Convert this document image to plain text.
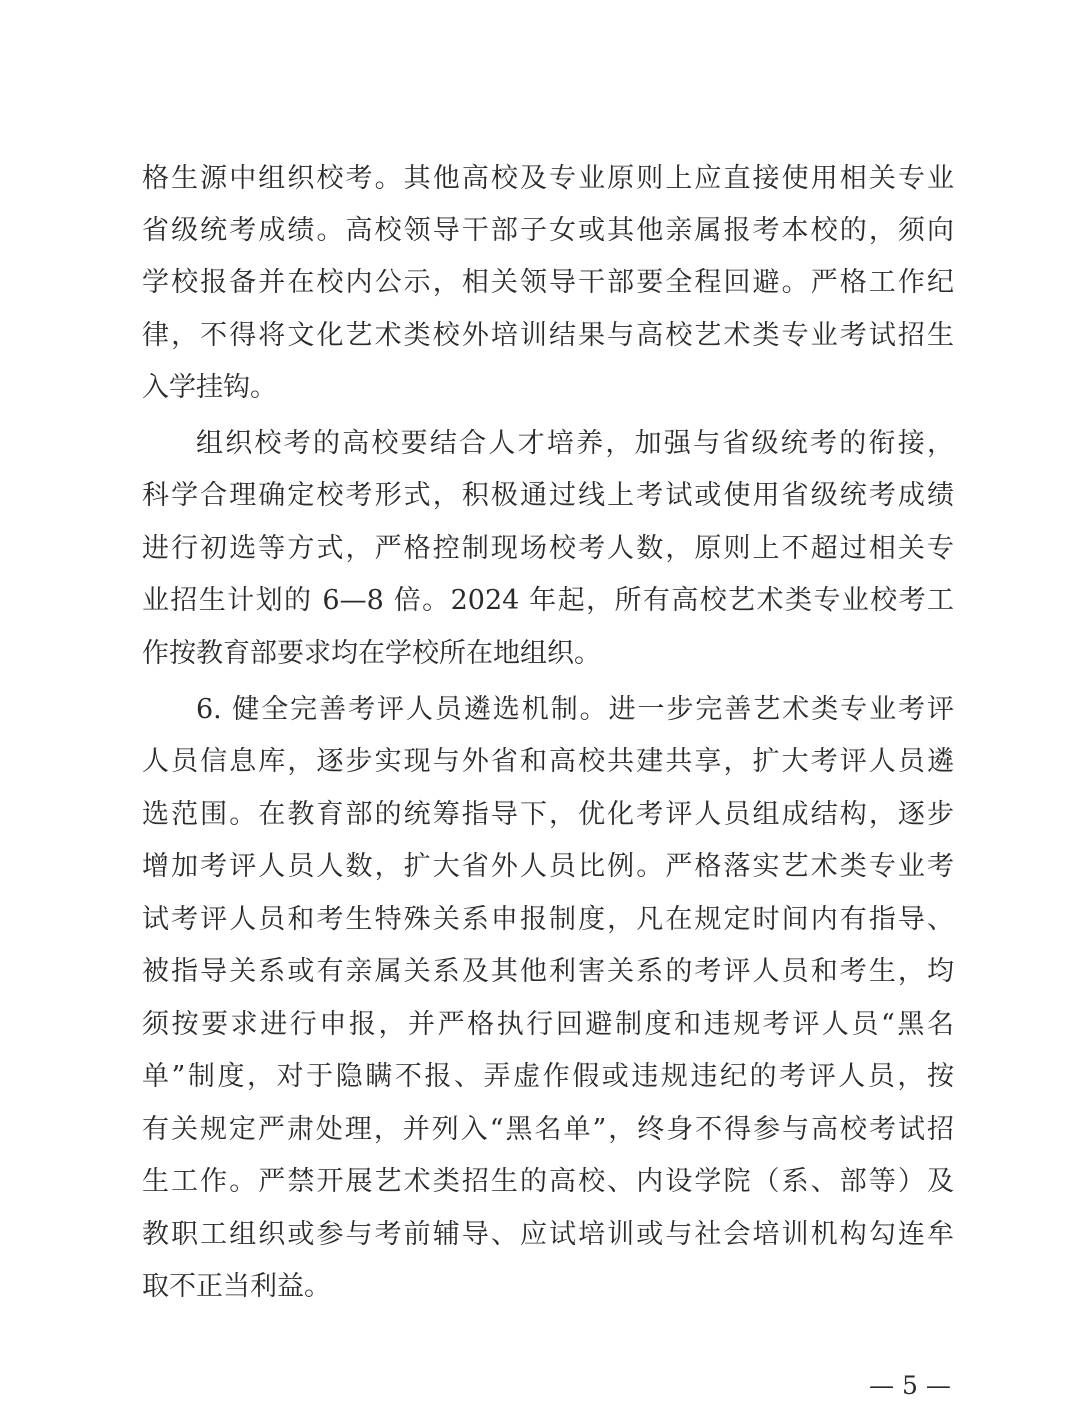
格生源中组织校考。其他高校及专业原则上应直接使用相关专业
省级统考成绩。高校领导干部子女或其他亲属报考本校的，须向
学校报备并在校内公示，相关领导干部要全程回避。严格工作纪
律，不得将文化艺术类校外培训结果与高校艺术类专业考试招生
入学挂钩。
组织校考的高校要结合人才培养，加强与省级统考的衔接，
科学合理确定校考形式，积极通过线上考试或使用省级统考成绩
进行初选等方式，严格控制现场校考人数，原则上不超过相关专
业招生计划的 6—8 倍。2024 年起，所有高校艺术类专业校考工
作按教育部要求均在学校所在地组织。
6. 健全完善考评人员遴选机制。进一步完善艺术类专业考评
人员信息库，逐步实现与外省和高校共建共享，扩大考评人员遴
选范围。在教育部的统筹指导下，优化考评人员组成结构，逐步
增加考评人员人数，扩大省外人员比例。严格落实艺术类专业考
试考评人员和考生特殊关系申报制度，凡在规定时间内有指导、
被指导关系或有亲属关系及其他利害关系的考评人员和考生，均
须按要求进行申报，并严格执行回避制度和违规考评人员“黑名
单”制度，对于隐瞒不报、弄虚作假或违规违纪的考评人员，按
有关规定严肃处理，并列入“黑名单”，终身不得参与高校考试招
生工作。严禁开展艺术类招生的高校、内设学院（系、部等）及
教职工组织或参与考前辅导、应试培训或与社会培训机构勾连牟
取不正当利益。
— 5 —
